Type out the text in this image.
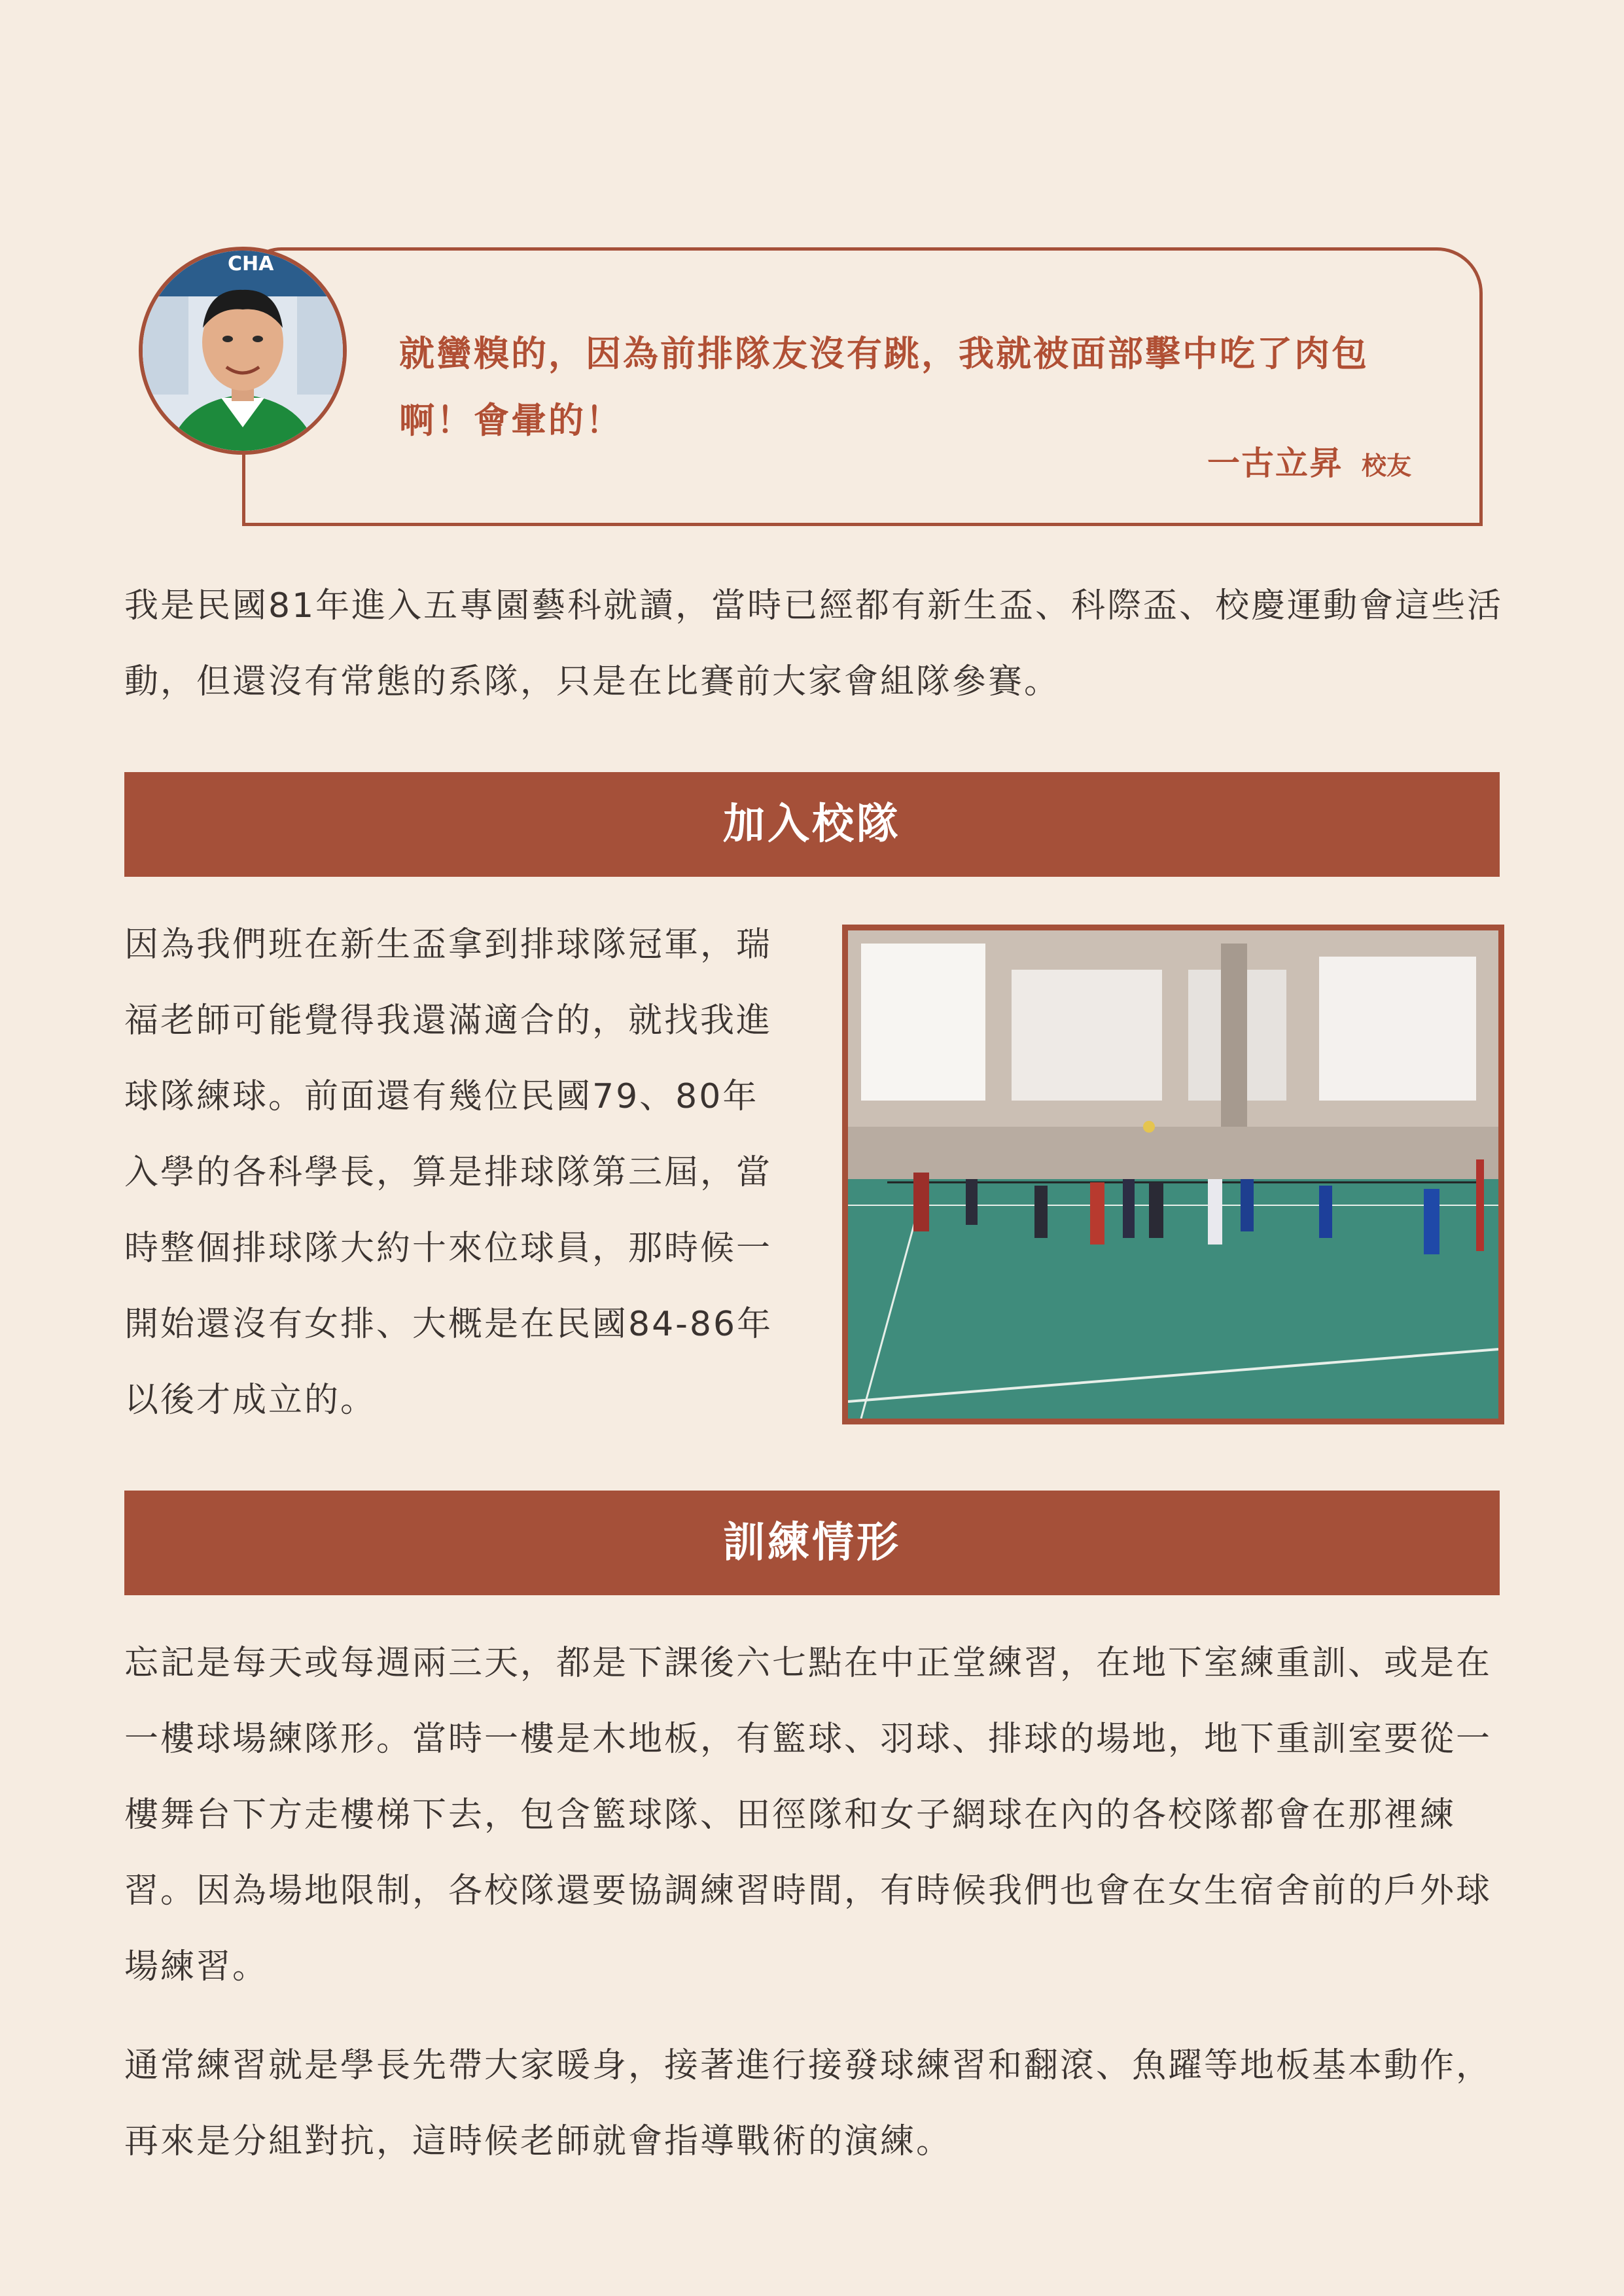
CHA

就蠻糗的，因為前排隊友沒有跳，我就被面部擊中吃了肉包啊！會暈的！

一古立昇 校友

我是民國81年進入五專園藝科就讀，當時已經都有新生盃、科際盃、校慶運動會這些活動，但還沒有常態的系隊，只是在比賽前大家會組隊參賽。

加入校隊

因為我們班在新生盃拿到排球隊冠軍，瑞福老師可能覺得我還滿適合的，就找我進球隊練球。前面還有幾位民國79、80年入學的各科學長，算是排球隊第三屆，當時整個排球隊大約十來位球員，那時候一開始還沒有女排、大概是在民國84-86年以後才成立的。

訓練情形

忘記是每天或每週兩三天，都是下課後六七點在中正堂練習，在地下室練重訓、或是在一樓球場練隊形。當時一樓是木地板，有籃球、羽球、排球的場地，地下重訓室要從一樓舞台下方走樓梯下去，包含籃球隊、田徑隊和女子網球在內的各校隊都會在那裡練習。因為場地限制，各校隊還要協調練習時間，有時候我們也會在女生宿舍前的戶外球場練習。

通常練習就是學長先帶大家暖身，接著進行接發球練習和翻滾、魚躍等地板基本動作，再來是分組對抗，這時候老師就會指導戰術的演練。
